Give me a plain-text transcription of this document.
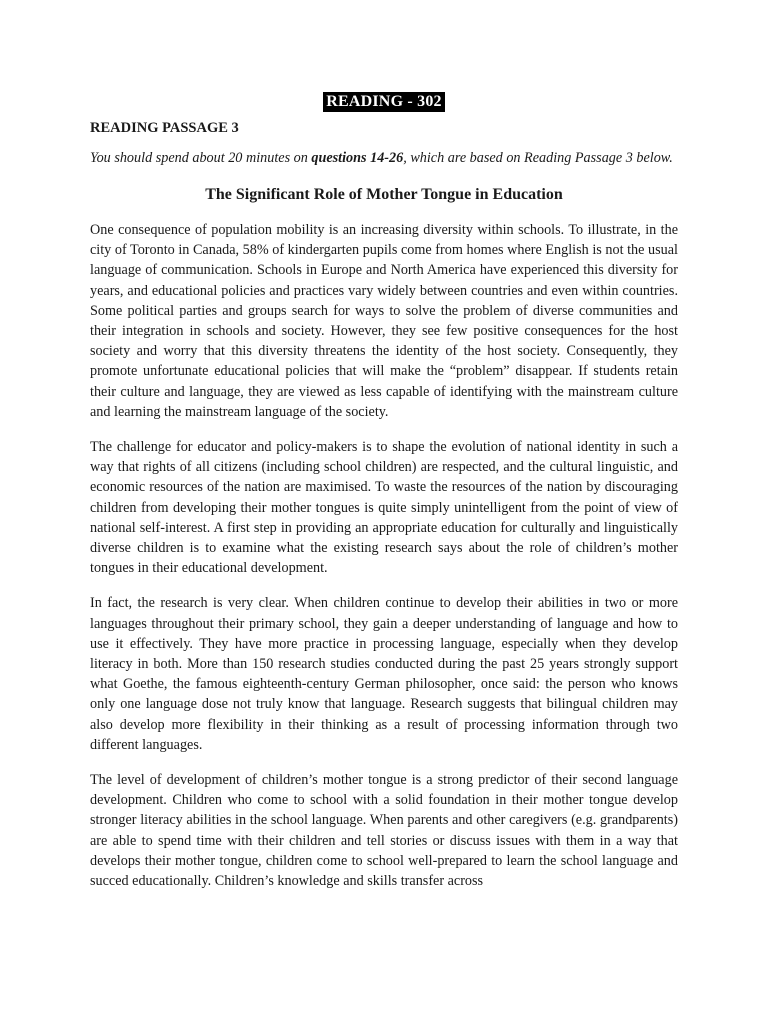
READING - 302
READING PASSAGE 3
You should spend about 20 minutes on questions 14-26, which are based on Reading Passage 3 below.
The Significant Role of Mother Tongue in Education

One consequence of population mobility is an increasing diversity within schools. To illustrate, in the city of Toronto in Canada, 58% of kindergarten pupils come from homes where English is not the usual language of communication. Schools in Europe and North America have experienced this diversity for years, and educational policies and practices vary widely between countries and even within countries. Some political parties and groups search for ways to solve the problem of diverse communities and their integration in schools and society. However, they see few positive consequences for the host society and worry that this diversity threatens the identity of the host society. Consequently, they promote unfortunate educational policies that will make the “problem” disappear. If students retain their culture and language, they are viewed as less capable of identifying with the mainstream culture and learning the mainstream language of the society.

The challenge for educator and policy-makers is to shape the evolution of national identity in such a way that rights of all citizens (including school children) are respected, and the cultural linguistic, and economic resources of the nation are maximised. To waste the resources of the nation by discouraging children from developing their mother tongues is quite simply unintelligent from the point of view of national self-interest. A first step in providing an appropriate education for culturally and linguistically diverse children is to examine what the existing research says about the role of children’s mother tongues in their educational development.

In fact, the research is very clear. When children continue to develop their abilities in two or more languages throughout their primary school, they gain a deeper understanding of language and how to use it effectively. They have more practice in processing language, especially when they develop literacy in both. More than 150 research studies conducted during the past 25 years strongly support what Goethe, the famous eighteenth-century German philosopher, once said: the person who knows only one language dose not truly know that language. Research suggests that bilingual children may also develop more flexibility in their thinking as a result of processing information through two different languages.

The level of development of children’s mother tongue is a strong predictor of their second language development. Children who come to school with a solid foundation in their mother tongue develop stronger literacy abilities in the school language. When parents and other caregivers (e.g. grandparents) are able to spend time with their children and tell stories or discuss issues with them in a way that develops their mother tongue, children come to school well-prepared to learn the school language and succed educationally. Children’s knowledge and skills transfer across
